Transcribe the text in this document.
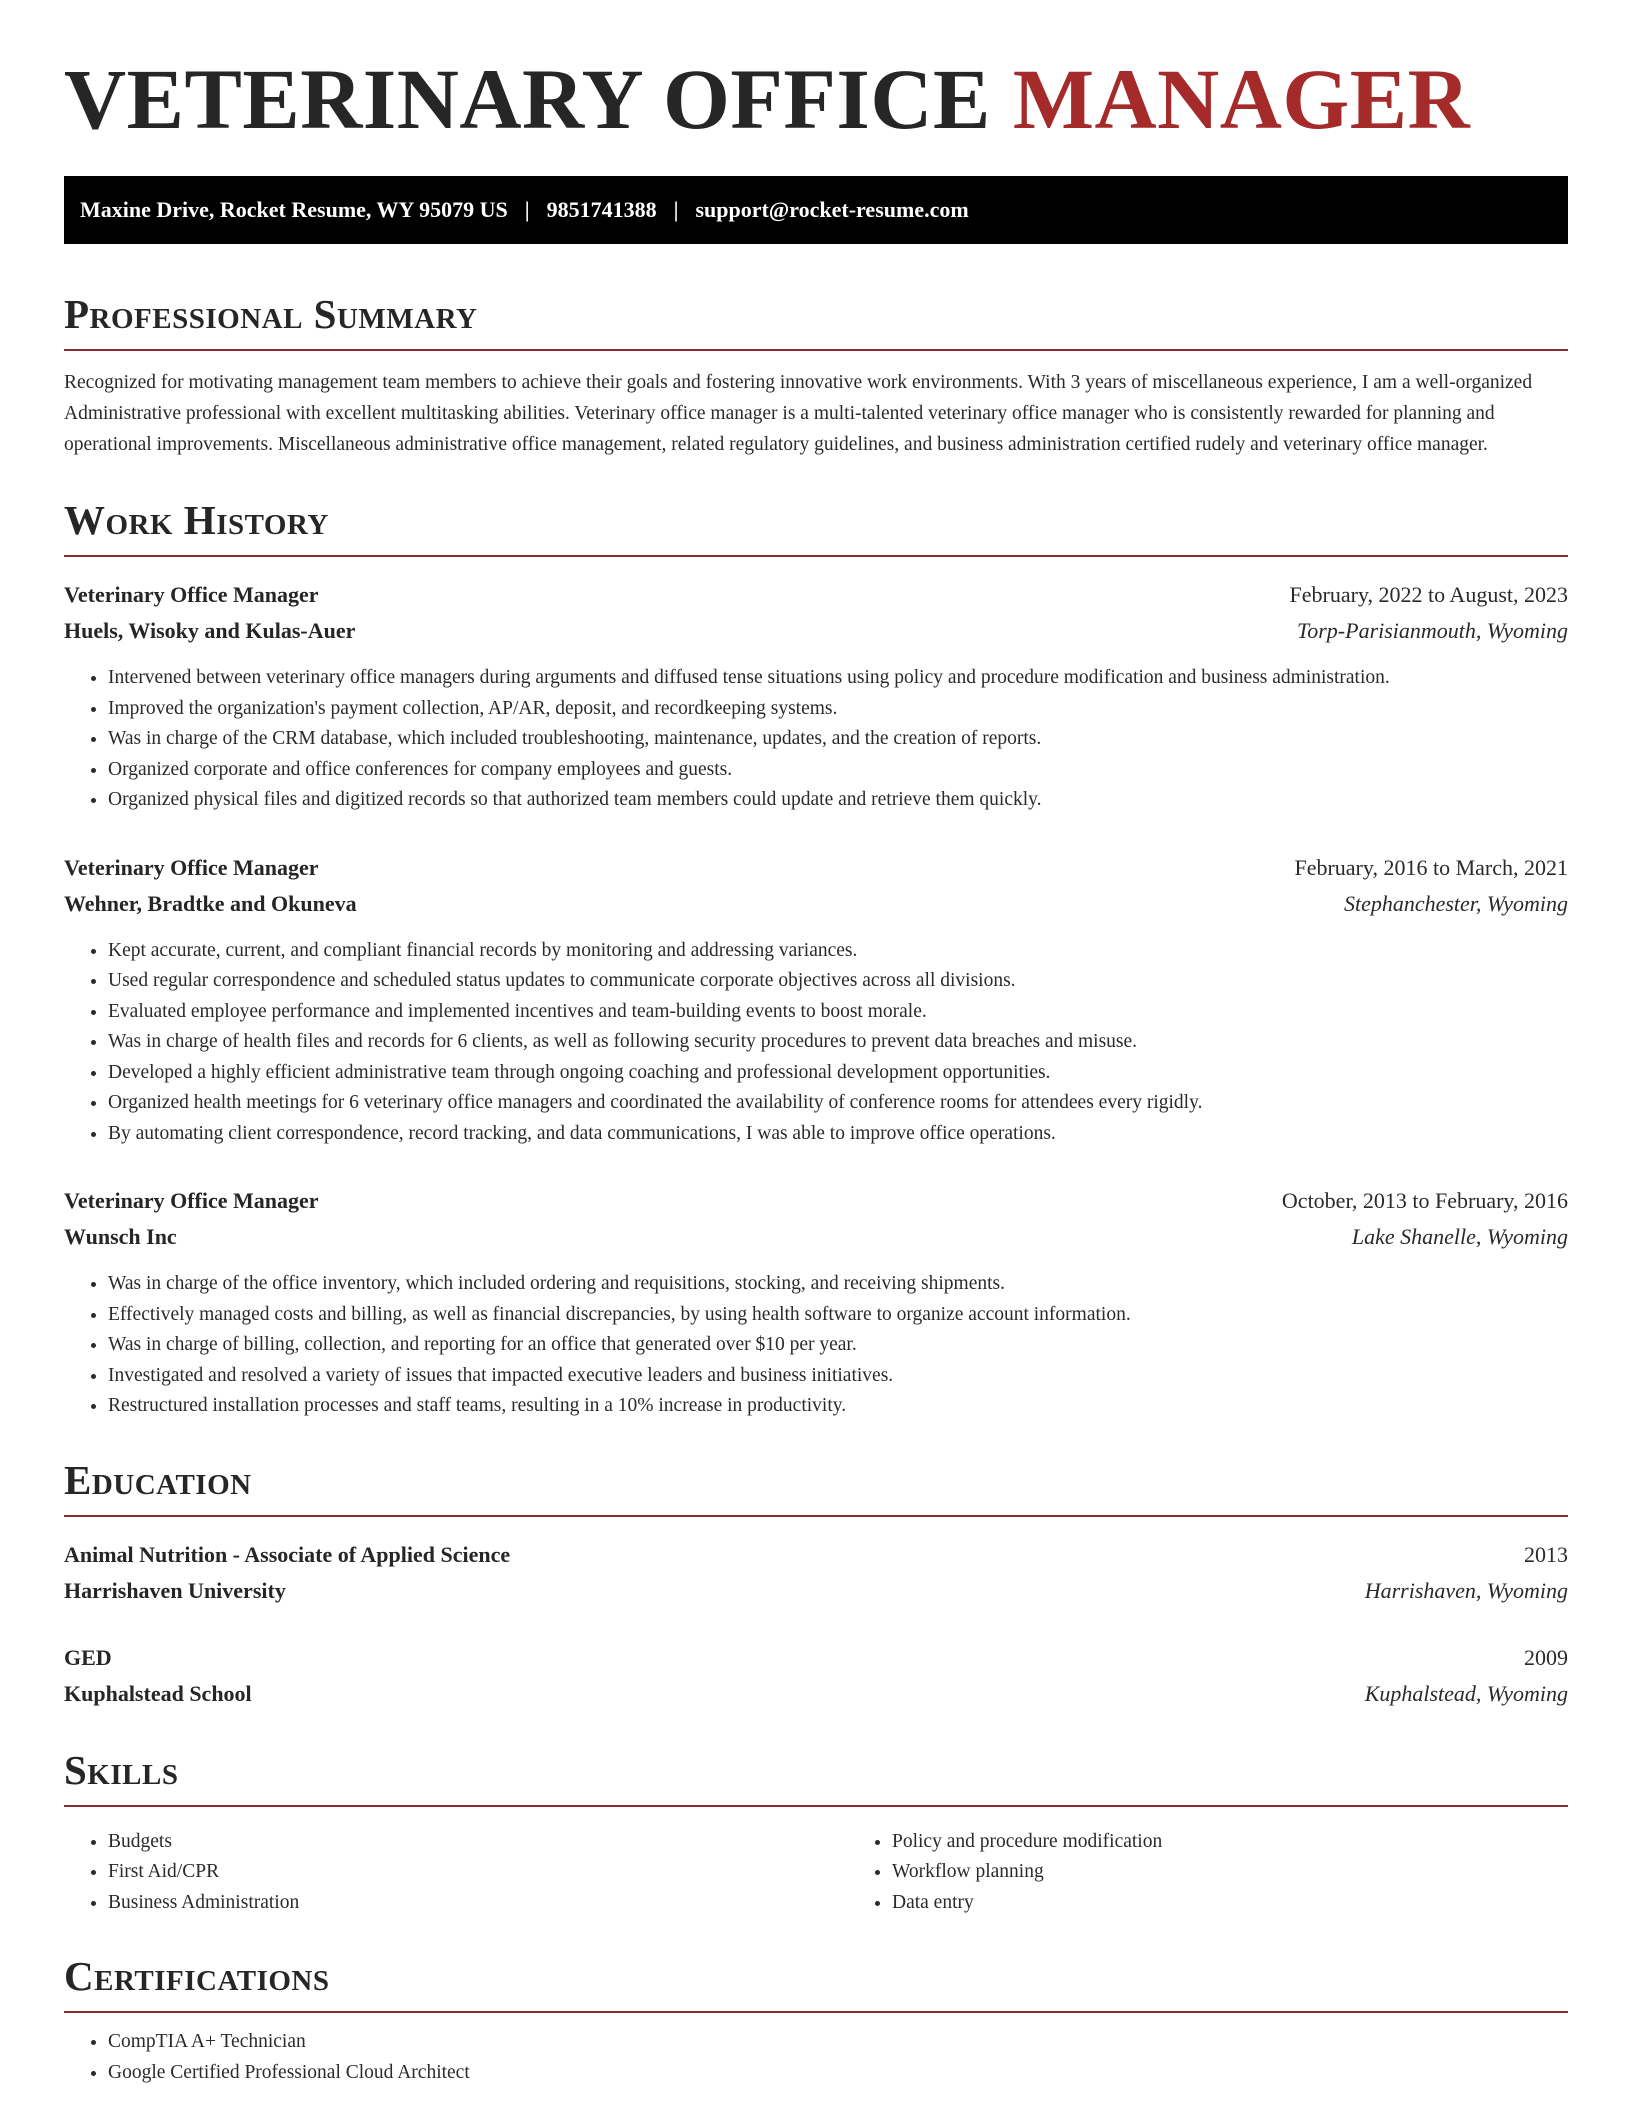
VETERINARY OFFICE MANAGER
Maxine Drive, Rocket Resume, WY 95079 US | 9851741388 | support@rocket-resume.com
Professional Summary

Recognized for motivating management team members to achieve their goals and fostering innovative work environments. With 3 years of miscellaneous experience, I am a well-organized Administrative professional with excellent multitasking abilities. Veterinary office manager is a multi-talented veterinary office manager who is consistently rewarded for planning and operational improvements. Miscellaneous administrative office management, related regulatory guidelines, and business administration certified rudely and veterinary office manager.

Work History
Veterinary Office Manager	February, 2022 to August, 2023
Huels, Wisoky and Kulas-Auer	Torp-Parisianmouth, Wyoming
• Intervened between veterinary office managers during arguments and diffused tense situations using policy and procedure modification and business administration.
• Improved the organization's payment collection, AP/AR, deposit, and recordkeeping systems.
• Was in charge of the CRM database, which included troubleshooting, maintenance, updates, and the creation of reports.
• Organized corporate and office conferences for company employees and guests.
• Organized physical files and digitized records so that authorized team members could update and retrieve them quickly.
Veterinary Office Manager	February, 2016 to March, 2021
Wehner, Bradtke and Okuneva	Stephanchester, Wyoming
• Kept accurate, current, and compliant financial records by monitoring and addressing variances.
• Used regular correspondence and scheduled status updates to communicate corporate objectives across all divisions.
• Evaluated employee performance and implemented incentives and team-building events to boost morale.
• Was in charge of health files and records for 6 clients, as well as following security procedures to prevent data breaches and misuse.
• Developed a highly efficient administrative team through ongoing coaching and professional development opportunities.
• Organized health meetings for 6 veterinary office managers and coordinated the availability of conference rooms for attendees every rigidly.
• By automating client correspondence, record tracking, and data communications, I was able to improve office operations.
Veterinary Office Manager	October, 2013 to February, 2016
Wunsch Inc	Lake Shanelle, Wyoming
• Was in charge of the office inventory, which included ordering and requisitions, stocking, and receiving shipments.
• Effectively managed costs and billing, as well as financial discrepancies, by using health software to organize account information.
• Was in charge of billing, collection, and reporting for an office that generated over $10 per year.
• Investigated and resolved a variety of issues that impacted executive leaders and business initiatives.
• Restructured installation processes and staff teams, resulting in a 10% increase in productivity.
Education
Animal Nutrition - Associate of Applied Science	2013
Harrishaven University	Harrishaven, Wyoming
GED	2009
Kuphalstead School	Kuphalstead, Wyoming
Skills
• Budgets
• First Aid/CPR
• Business Administration
• Policy and procedure modification
• Workflow planning
• Data entry
Certifications
• CompTIA A+ Technician
• Google Certified Professional Cloud Architect
